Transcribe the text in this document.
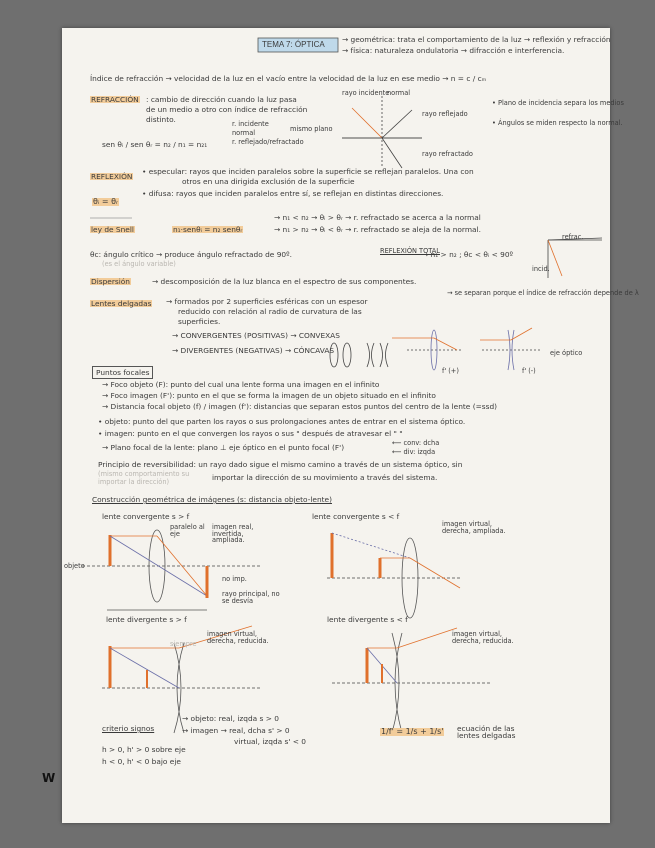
TEMA 7: ÓPTICA
→ geométrica: trata el comportamiento de la luz → reflexión y refracción
→ física: naturaleza ondulatoria → difracción e interferencia.
Índice de refracción → velocidad de la luz en el vacío entre la velocidad de la luz en ese medio → n = c / cₘ
REFRACCIÓN : cambio de dirección cuando la luz pasa
de un medio a otro con índice de refracción
distinto.	r. incidente
normal
r. reflejado/refractado
mismo plano
sen θᵢ / sen θᵣ = n₂ / n₁ = n₂₁
rayo incidente
normal
rayo reflejado
rayo refractado
• Plano de incidencia separa los medios
• Ángulos se miden respecto la normal.
REFLEXIÓN
• especular: rayos que inciden paralelos sobre la superficie se reflejan paralelos. Una con
otros en una dirigida exclusión de la superficie
• difusa: rayos que inciden paralelos entre sí, se reflejan en distintas direcciones.
θᵢ = θᵣ
ley de Snell	n₁·senθᵢ = n₂ senθᵣ
→ n₁ < n₂ → θᵢ > θᵣ → r. refractado se acerca a la normal
→ n₁ > n₂ → θᵢ < θᵣ → r. refractado se aleja de la normal.
θc: ángulo crítico → produce ángulo refractado de 90º.
(es el ángulo variable)
REFLEXIÓN TOTAL
→ n₁ > n₂ ; θc < θᵢ < 90º
refrac.
incid.
Dispersión	→ descomposición de la luz blanca en el espectro de sus componentes.
Lentes delgadas → formados por 2 superficies esféricas con un espesor
reducido con relación al radio de curvatura de las
superficies.
→ se separan porque el índice de refracción depende de λ
→ CONVERGENTES (POSITIVAS) → CONVEXAS
→ DIVERGENTES (NEGATIVAS) → CÓNCAVAS
f' (+)	f' (-)
eje óptico
Puntos focales
→ Foco objeto (F): punto del cual una lente forma una imagen en el infinito
→ Foco imagen (F'): punto en el que se forma la imagen de un objeto situado en el infinito
→ Distancia focal objeto (f) / imagen (f'): distancias que separan estos puntos del centro de la lente (=ssd)
• objeto: punto del que parten los rayos o sus prolongaciones antes de entrar en el sistema óptico.
• imagen: punto en el que convergen los rayos o sus " después de atravesar el " "
→ Plano focal de la lente: plano ⊥ eje óptico en el punto focal (F')	⟵ conv: dcha
⟵ div: izqda
Principio de reversibilidad: un rayo dado sigue el mismo camino a través de un sistema óptico, sin
(mismo comportamiento su
importar la dirección)	importar la dirección de su movimiento a través del sistema.
Construcción geométrica de imágenes (s: distancia objeto-lente)
lente convergente s > f
paralelo al eje
imagen real, invertida, ampliada.
no imp.
rayo principal, no se desvía
objeto
lente convergente s < f
imagen virtual, derecha, ampliada.
lente divergente s > f
imagen virtual, derecha, reducida.
siempre
lente divergente s < f
imagen virtual, derecha, reducida.
criterio signos
→ objeto: real, izqda s > 0
→ imagen → real, dcha s' > 0
virtual, izqda s' < 0
h > 0, h' > 0 sobre eje
h < 0, h' < 0 bajo eje
1/f' = 1/s + 1/s' ecuación de las lentes delgadas
W
